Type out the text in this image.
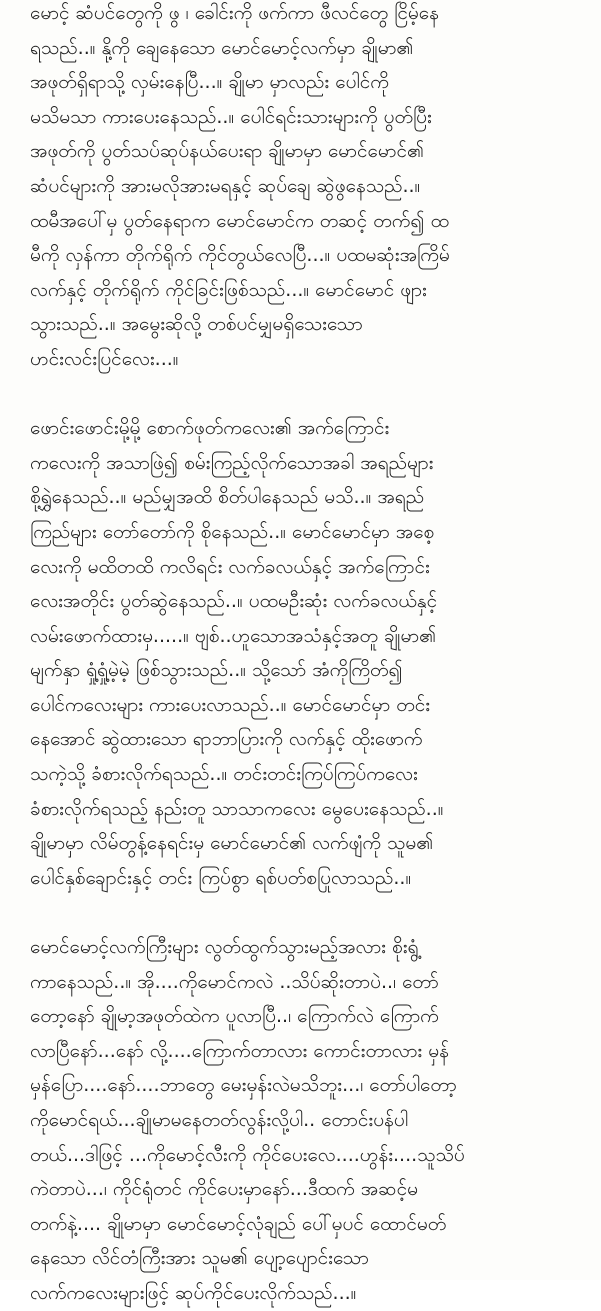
မောင့် ဆံပင်တွေကို ဖွ ၊ ခေါင်းကို ဖက်ကာ ဖီလင်တွေ ငြိမ့်နေ
ရသည်..။ နို့ကို ချေနေသော မောင်မောင့်လက်မှာ ချိုမာ၏
အဖုတ်ရှိရာသို့ လှမ်းနေပြီ...။ ချိုမာ မှာလည်း ပေါင်ကို
မသိမသာ ကားပေးနေသည်..။ ပေါင်ရင်းသားများကို ပွတ်ပြီး
အဖုတ်ကို ပွတ်သပ်ဆုပ်နယ်ပေးရာ ချိုမာမှာ မောင်မောင်၏
ဆံပင်များကို အားမလိုအားမရနှင့် ဆုပ်ချေ ဆွဲဖွနေသည်..။
ထမီအပေါ်မှ ပွတ်နေရာက မောင်မောင်က တဆင့် တက်၍ ထ
မီကို လှန်ကာ တိုက်ရိုက် ကိုင်တွယ်လေပြီ...။ ပထမဆုံးအကြိမ်
လက်နှင့် တိုက်ရိုက် ကိုင်ခြင်းဖြစ်သည်...။ မောင်မောင် ဖျား
သွားသည်..။ အမွေးဆိုလို့ တစ်ပင်မျှမရှိသေးသော
ဟင်းလင်းပြင်လေး...။
ဖောင်းဖောင်းမို့မို့ စောက်ဖုတ်ကလေး၏ အက်ကြောင်း
ကလေးကို အသာဖြဲ၍ စမ်းကြည့်လိုက်သောအခါ အရည်များ
စို့ရွှဲနေသည်..။ မည်မျှအထိ စိတ်ပါနေသည် မသိ..။ အရည်
ကြည်များ တော်တော်ကို စိုနေသည်..။ မောင်မောင်မှာ အစေ့
လေးကို မထိတထိ ကလိရင်း လက်ခလယ်နှင့် အက်ကြောင်း
လေးအတိုင်း ပွတ်ဆွဲနေသည်..။ ပထမဦးဆုံး လက်ခလယ်နှင့်
လမ်းဖောက်ထားမှ.....။ ဗျစ်..ဟူသောအသံနှင့်အတူ ချိုမာ၏
မျက်နှာ ရှုံ့ရှုံ့မဲ့မဲ့ ဖြစ်သွားသည်..။ သို့သော် အံကိုကြိတ်၍
ပေါင်ကလေးများ ကားပေးလာသည်..။ မောင်မောင်မှာ တင်း
နေအောင် ဆွဲထားသော ရာဘာပြားကို လက်နှင့် ထိုးဖောက်
သကဲ့သို့ ခံစားလိုက်ရသည်..။ တင်းတင်းကြပ်ကြပ်ကလေး
ခံစားလိုက်ရသည့် နည်းတူ သာသာကလေး မွေပေးနေသည်..။
ချိုမာမှာ လိမ်တွန့်နေရင်းမှ မောင်မောင်၏ လက်ဖျံကို သူမ၏
ပေါင်နှစ်ချောင်းနှင့် တင်း ကြပ်စွာ ရစ်ပတ်စပြုလာသည်..။
မောင်မောင့်လက်ကြီးများ လွတ်ထွက်သွားမည့်အလား စိုးရွံ့
ကာနေသည်..။ အို....ကိုမောင်ကလဲ ..သိပ်ဆိုးတာပဲ..၊ တော်
တော့နော် ချိုမာ့အဖုတ်ထဲက ပူလာပြီ..၊ ကြောက်လဲ ကြောက်
လာပြီနော်...နော် လို့....ကြောက်တာလား ကောင်းတာလား မှန်
မှန်ပြော....နော်....ဘာတွေ မေးမှန်းလဲမသိဘူး...၊ တော်ပါတော့
ကိုမောင်ရယ်...ချိုမာမနေတတ်လွန်းလို့ပါ.. တောင်းပန်ပါ
တယ်...ဒါဖြင့် ...ကိုမောင့်လီးကို ကိုင်ပေးလေ....ဟွန်း....သူသိပ်
ကဲတာပဲ...၊ ကိုင်ရုံတင် ကိုင်ပေးမှာနော်...ဒီထက် အဆင့်မ
တက်နဲ့.... ချိုမာမှာ မောင်မောင့်လုံချည် ပေါ်မှပင် ထောင်မတ်
နေသော လိင်တံကြီးအား သူမ၏ ပျော့ပျောင်းသော
လက်ကလေးများဖြင့် ဆုပ်ကိုင်ပေးလိုက်သည်...။
